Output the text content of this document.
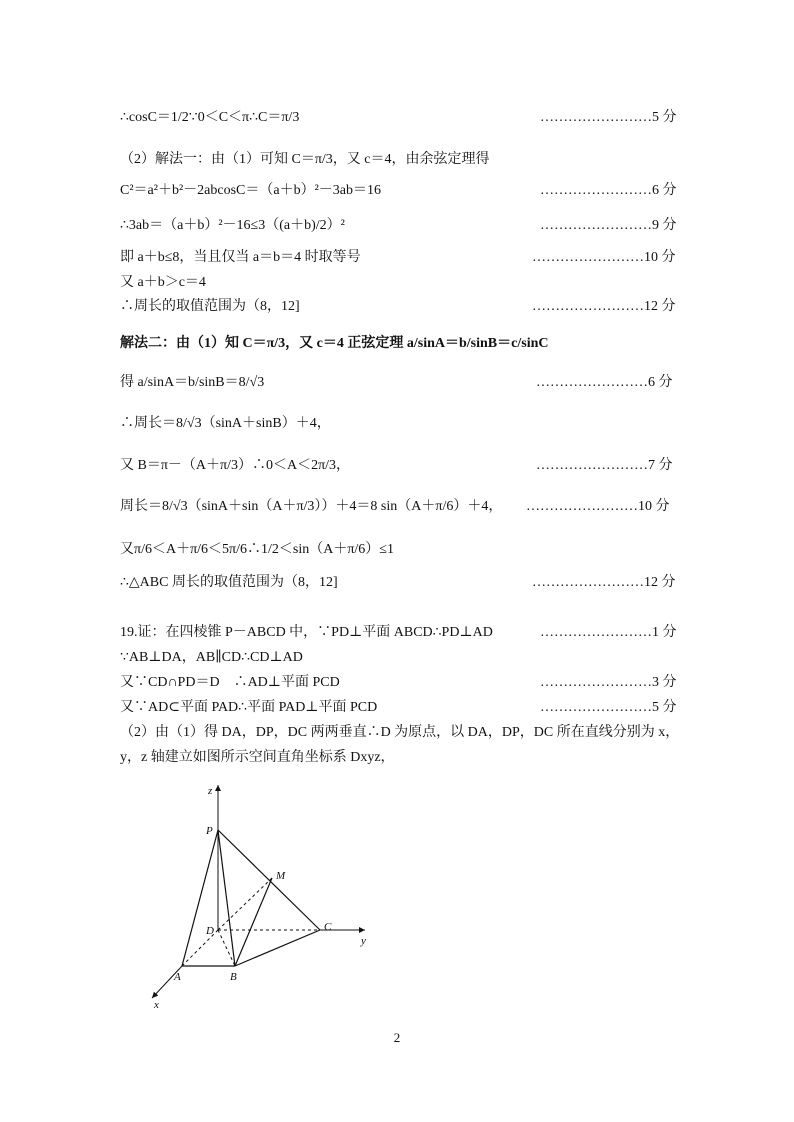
∴cosC＝1/2∵0＜C＜π∴C＝π/3	……………………5 分
（2）解法一：由（1）可知 C＝π/3，又 c＝4，由余弦定理得
C²＝a²＋b²－2abcosC＝（a＋b）²－3ab＝16	……………………6 分
∴3ab＝（a＋b）²－16≤3（(a＋b)/2）²	……………………9 分
即 a＋b≤8，当且仅当 a＝b＝4 时取等号	……………………10 分
又 a＋b＞c＝4
∴周长的取值范围为（8，12]	……………………12 分
解法二：由（1）知 C＝π/3，又 c＝4 正弦定理 a/sinA＝b/sinB＝c/sinC
得 a/sinA＝b/sinB＝8/√3	……………………6 分
∴周长＝8/√3（sinA＋sinB）＋4，
又 B＝π－（A＋π/3）∴0＜A＜2π/3，	……………………7 分
周长＝8/√3（sinA＋sin（A＋π/3））＋4＝8 sin（A＋π/6）＋4， ……………………10 分
又π/6＜A＋π/6＜5π/6∴1/2＜sin（A＋π/6）≤1
∴△ABC 周长的取值范围为（8，12]	……………………12 分
19.证：在四棱锥 P－ABCD 中，∵PD⊥平面 ABCD∴PD⊥AD	……………………1 分
∵AB⊥DA，AB∥CD∴CD⊥AD
又∵CD∩PD＝D　∴AD⊥平面 PCD	……………………3 分
又∵AD⊂平面 PAD∴平面 PAD⊥平面 PCD	……………………5 分
（2）由（1）得 DA，DP，DC 两两垂直∴D 为原点，以 DA，DP，DC 所在直线分别为 x，
y，z 轴建立如图所示空间直角坐标系 Dxyz，
z
P
M
D	C
y
A	B
x
2
